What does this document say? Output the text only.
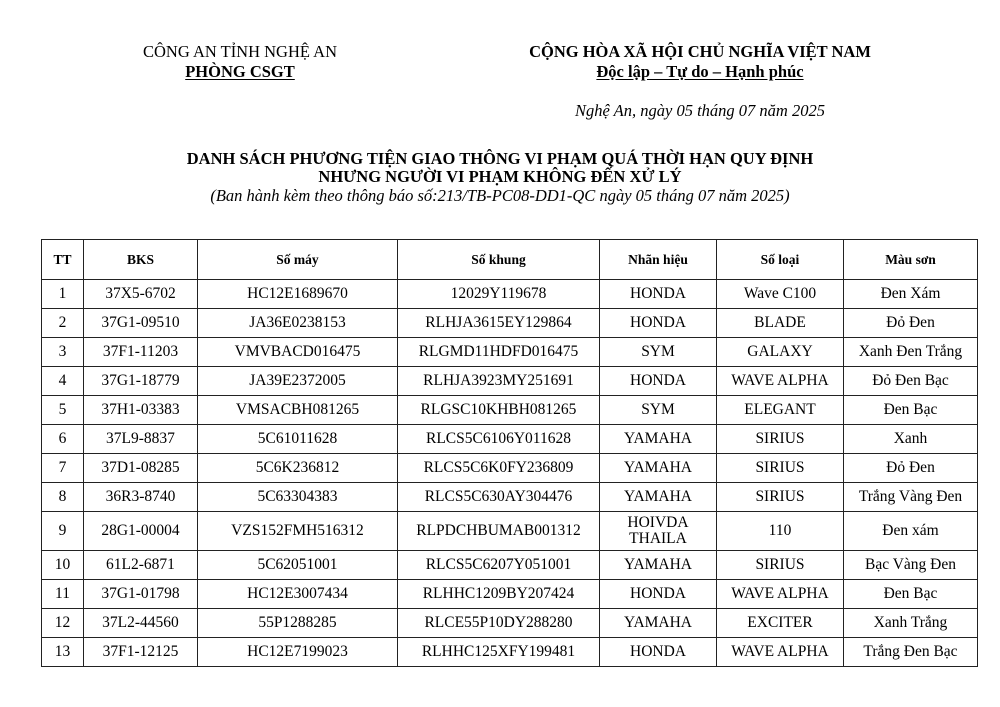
CÔNG AN TỈNH NGHỆ AN
PHÒNG CSGT
CỘNG HÒA XÃ HỘI CHỦ NGHĨA VIỆT NAM
Độc lập – Tự do – Hạnh phúc
Nghệ An, ngày 05 tháng 07 năm 2025
DANH SÁCH PHƯƠNG TIỆN GIAO THÔNG VI PHẠM QUÁ THỜI HẠN QUY ĐỊNH
NHƯNG NGƯỜI VI PHẠM KHÔNG ĐẾN XỬ LÝ
(Ban hành kèm theo thông báo số:213/TB-PC08-DD1-QC ngày 05 tháng 07 năm 2025)
TT	BKS	Số máy	Số khung	Nhãn hiệu	Số loại	Màu sơn
1	37X5-6702	HC12E1689670	12029Y119678	HONDA	Wave C100	Đen Xám
2	37G1-09510	JA36E0238153	RLHJA3615EY129864	HONDA	BLADE	Đỏ Đen
3	37F1-11203	VMVBACD016475	RLGMD11HDFD016475	SYM	GALAXY	Xanh Đen Trắng
4	37G1-18779	JA39E2372005	RLHJA3923MY251691	HONDA	WAVE ALPHA	Đỏ Đen Bạc
5	37H1-03383	VMSACBH081265	RLGSC10KHBH081265	SYM	ELEGANT	Đen Bạc
6	37L9-8837	5C61011628	RLCS5C6106Y011628	YAMAHA	SIRIUS	Xanh
7	37D1-08285	5C6K236812	RLCS5C6K0FY236809	YAMAHA	SIRIUS	Đỏ Đen
8	36R3-8740	5C63304383	RLCS5C630AY304476	YAMAHA	SIRIUS	Trắng Vàng Đen
9	28G1-00004	VZS152FMH516312	RLPDCHBUMAB001312	HOIVDA THAILA	110	Đen xám
10	61L2-6871	5C62051001	RLCS5C6207Y051001	YAMAHA	SIRIUS	Bạc Vàng Đen
11	37G1-01798	HC12E3007434	RLHHC1209BY207424	HONDA	WAVE ALPHA	Đen Bạc
12	37L2-44560	55P1288285	RLCE55P10DY288280	YAMAHA	EXCITER	Xanh Trắng
13	37F1-12125	HC12E7199023	RLHHC125XFY199481	HONDA	WAVE ALPHA	Trắng Đen Bạc
